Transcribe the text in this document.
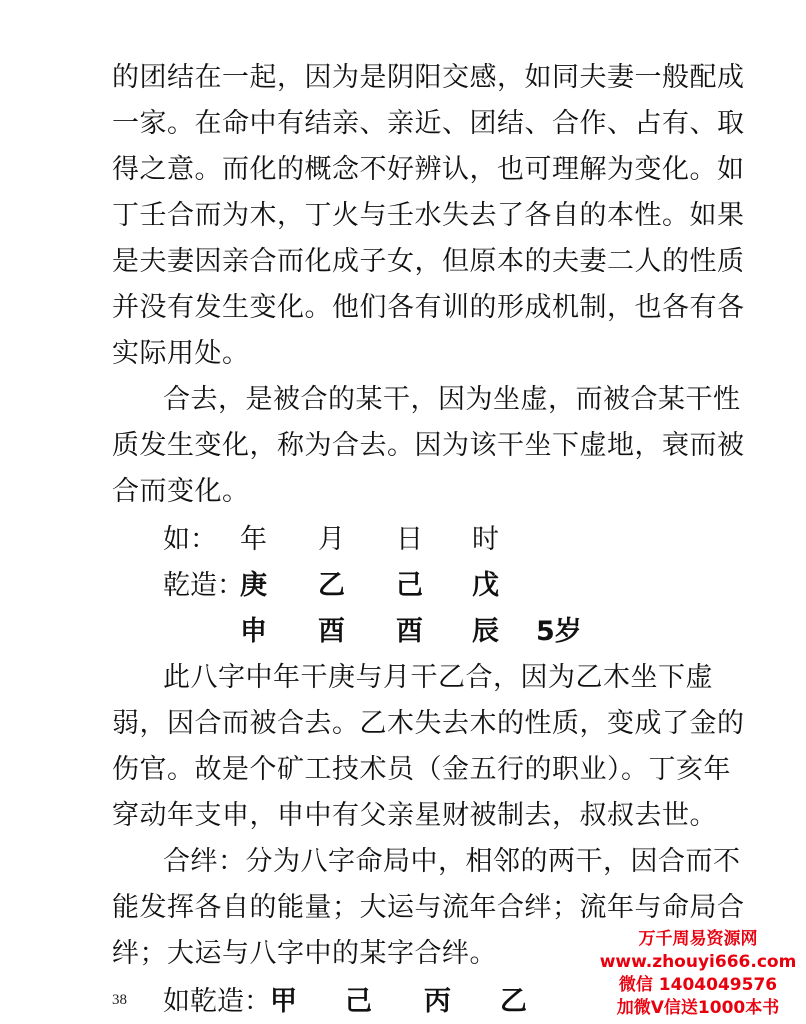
的团结在一起，因为是阴阳交感，如同夫妻一般配成
一家。在命中有结亲、亲近、团结、合作、占有、取
得之意。而化的概念不好辨认，也可理解为变化。如
丁壬合而为木，丁火与壬水失去了各自的本性。如果
是夫妻因亲合而化成子女，但原本的夫妻二人的性质
并没有发生变化。他们各有训的形成机制，也各有各
实际用处。
合去，是被合的某干，因为坐虚，而被合某干性
质发生变化，称为合去。因为该干坐下虚地，衰而被
合而变化。
如： 年 月 日 时
乾造：
庚 乙 己 戊
申 酉 酉 辰 5岁
此八字中年干庚与月干乙合，因为乙木坐下虚
弱，因合而被合去。乙木失去木的性质，变成了金的
伤官。故是个矿工技术员（金五行的职业）。丁亥年
穿动年支申，申中有父亲星财被制去，叔叔去世。
合绊：分为八字命局中，相邻的两干，因合而不
能发挥各自的能量；大运与流年合绊；流年与命局合
绊；大运与八字中的某字合绊。
如乾造： 甲 己 丙 乙
38
万千周易资源网
www.zhouyi666.com
微信 1404049576
加微V信送1000本书
